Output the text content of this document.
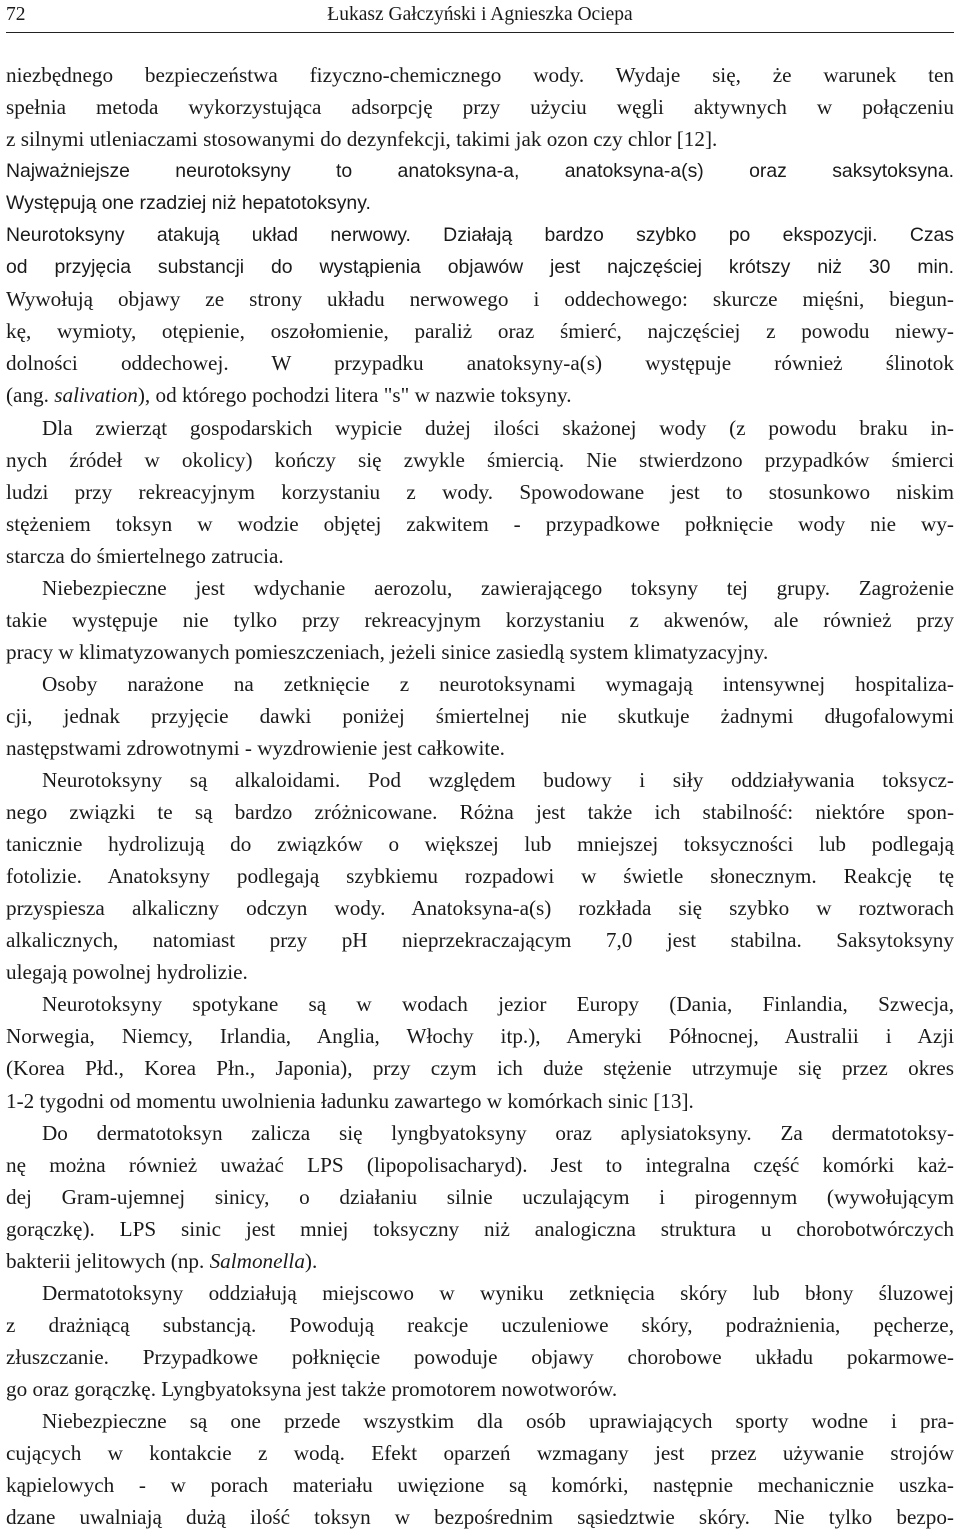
72	Łukasz Gałczyński i Agnieszka Ociepa
niezbędnego bezpieczeństwa fizyczno-chemicznego wody. Wydaje się, że warunek ten
spełnia metoda wykorzystująca adsorpcję przy użyciu węgli aktywnych w połączeniu
z silnymi utleniaczami stosowanymi do dezynfekcji, takimi jak ozon czy chlor [12].
Najważniejsze neurotoksyny to anatoksyna-a, anatoksyna-a(s) oraz saksytoksyna.
Występują one rzadziej niż hepatotoksyny.
Neurotoksyny atakują układ nerwowy. Działają bardzo szybko po ekspozycji. Czas
od przyjęcia substancji do wystąpienia objawów jest najczęściej krótszy niż 30 min.
Wywołują objawy ze strony układu nerwowego i oddechowego: skurcze mięśni, biegun-
kę, wymioty, otępienie, oszołomienie, paraliż oraz śmierć, najczęściej z powodu niewy-
dolności oddechowej. W przypadku anatoksyny-a(s) występuje również ślinotok
(ang. salivation), od którego pochodzi litera "s" w nazwie toksyny.
Dla zwierząt gospodarskich wypicie dużej ilości skażonej wody (z powodu braku in-
nych źródeł w okolicy) kończy się zwykle śmiercią. Nie stwierdzono przypadków śmierci
ludzi przy rekreacyjnym korzystaniu z wody. Spowodowane jest to stosunkowo niskim
stężeniem toksyn w wodzie objętej zakwitem - przypadkowe połknięcie wody nie wy-
starcza do śmiertelnego zatrucia.
Niebezpieczne jest wdychanie aerozolu, zawierającego toksyny tej grupy. Zagrożenie
takie występuje nie tylko przy rekreacyjnym korzystaniu z akwenów, ale również przy
pracy w klimatyzowanych pomieszczeniach, jeżeli sinice zasiedlą system klimatyzacyjny.
Osoby narażone na zetknięcie z neurotoksynami wymagają intensywnej hospitaliza-
cji, jednak przyjęcie dawki poniżej śmiertelnej nie skutkuje żadnymi długofalowymi
następstwami zdrowotnymi - wyzdrowienie jest całkowite.
Neurotoksyny są alkaloidami. Pod względem budowy i siły oddziaływania toksycz-
nego związki te są bardzo zróżnicowane. Różna jest także ich stabilność: niektóre spon-
tanicznie hydrolizują do związków o większej lub mniejszej toksyczności lub podlegają
fotolizie. Anatoksyny podlegają szybkiemu rozpadowi w świetle słonecznym. Reakcję tę
przyspiesza alkaliczny odczyn wody. Anatoksyna-a(s) rozkłada się szybko w roztworach
alkalicznych, natomiast przy pH nieprzekraczającym 7,0 jest stabilna. Saksytoksyny
ulegają powolnej hydrolizie.
Neurotoksyny spotykane są w wodach jezior Europy (Dania, Finlandia, Szwecja,
Norwegia, Niemcy, Irlandia, Anglia, Włochy itp.), Ameryki Północnej, Australii i Azji
(Korea Płd., Korea Płn., Japonia), przy czym ich duże stężenie utrzymuje się przez okres
1-2 tygodni od momentu uwolnienia ładunku zawartego w komórkach sinic [13].
Do dermatotoksyn zalicza się lyngbyatoksyny oraz aplysiatoksyny. Za dermatotoksy-
nę można również uważać LPS (lipopolisacharyd). Jest to integralna część komórki każ-
dej Gram-ujemnej sinicy, o działaniu silnie uczulającym i pirogennym (wywołującym
gorączkę). LPS sinic jest mniej toksyczny niż analogiczna struktura u chorobotwórczych
bakterii jelitowych (np. Salmonella).
Dermatotoksyny oddziałują miejscowo w wyniku zetknięcia skóry lub błony śluzowej
z drażniącą substancją. Powodują reakcje uczuleniowe skóry, podrażnienia, pęcherze,
złuszczanie. Przypadkowe połknięcie powoduje objawy chorobowe układu pokarmowe-
go oraz gorączkę. Lyngbyatoksyna jest także promotorem nowotworów.
Niebezpieczne są one przede wszystkim dla osób uprawiających sporty wodne i pra-
cujących w kontakcie z wodą. Efekt oparzeń wzmagany jest przez używanie strojów
kąpielowych - w porach materiału uwięzione są komórki, następnie mechanicznie uszka-
dzane uwalniają dużą ilość toksyn w bezpośrednim sąsiedztwie skóry. Nie tylko bezpo-
